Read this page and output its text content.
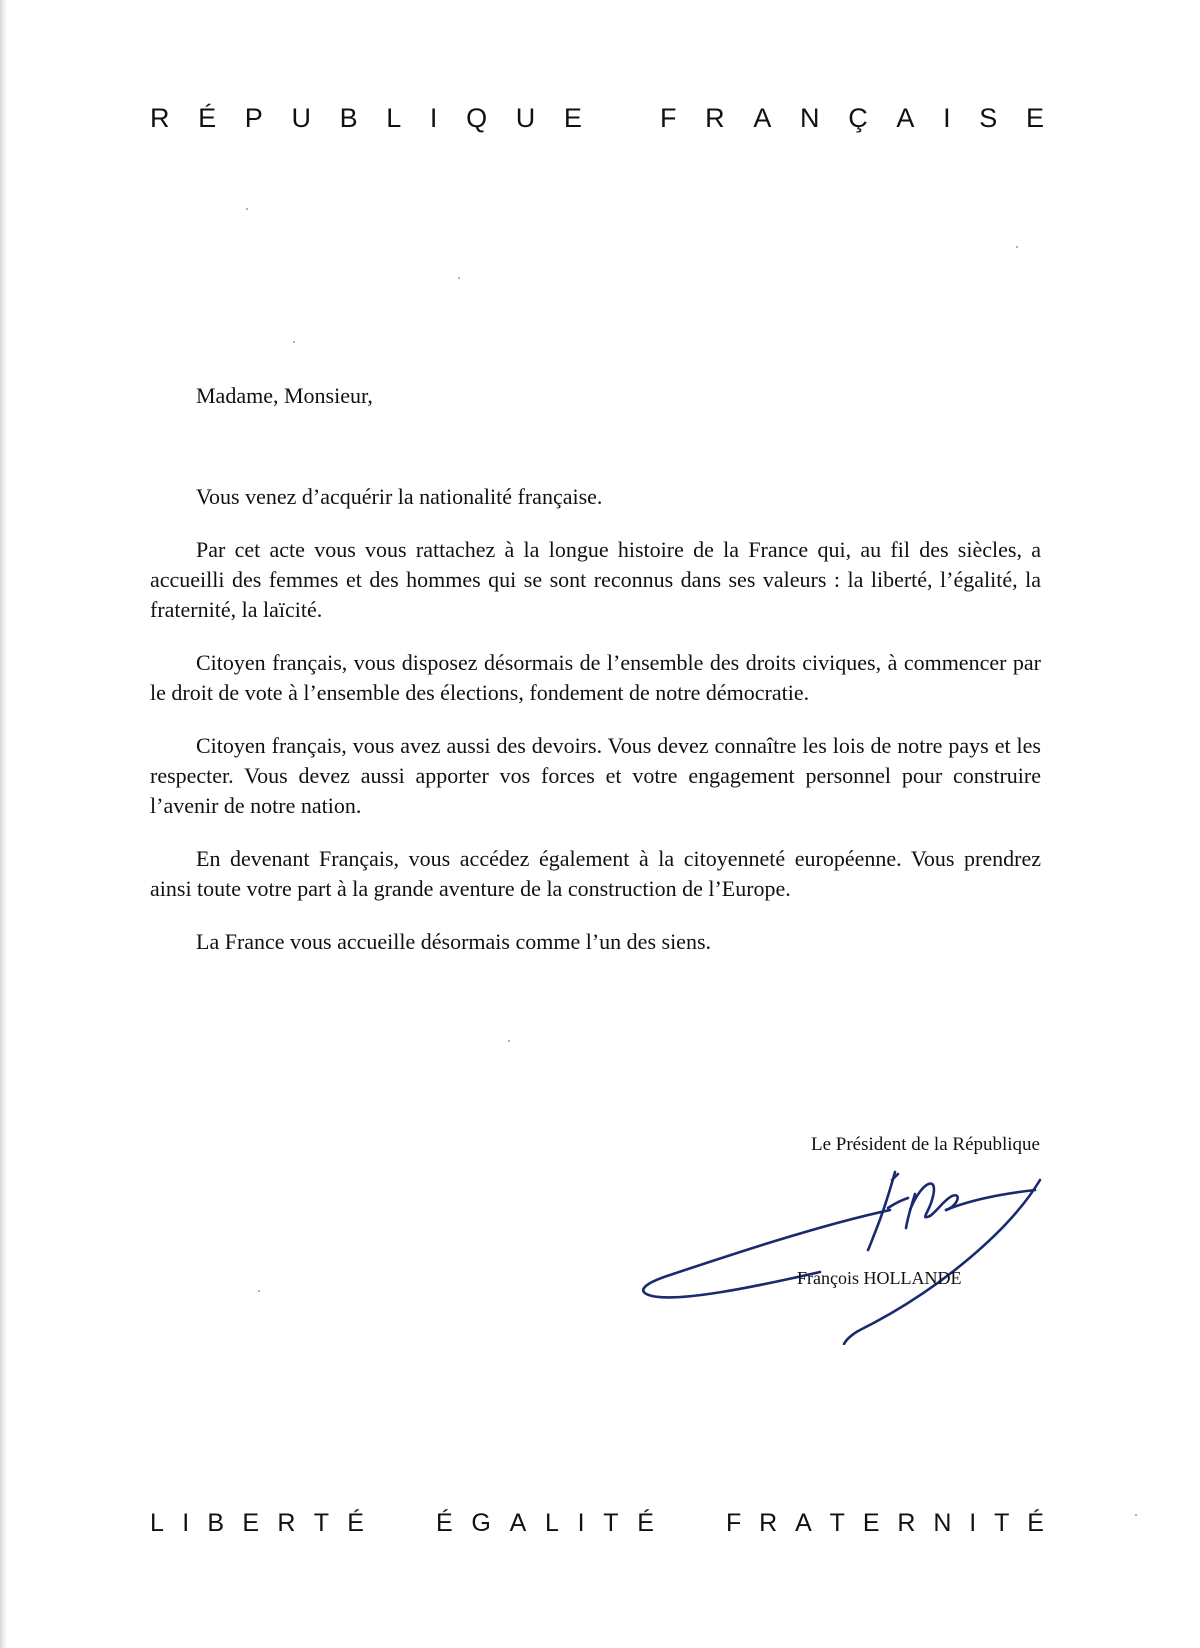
R É P U B L I Q U E	F R A N Ç A I S E
Madame, Monsieur,

Vous venez d’acquérir la nationalité française.

Par cet acte vous vous rattachez à la longue histoire de la France qui, au fil des siècles, a accueilli des femmes et des hommes qui se sont reconnus dans ses valeurs : la liberté, l’égalité, la fraternité, la laïcité.

Citoyen français, vous disposez désormais de l’ensemble des droits civiques, à commencer par le droit de vote à l’ensemble des élections, fondement de notre démocratie.

Citoyen français, vous avez aussi des devoirs. Vous devez connaître les lois de notre pays et les respecter. Vous devez aussi apporter vos forces et votre engagement personnel pour construire l’avenir de notre nation.

En devenant Français, vous accédez également à la citoyenneté européenne. Vous prendrez ainsi toute votre part à la grande aventure de la construction de l’Europe.

La France vous accueille désormais comme l’un des siens.

Le Président de la République
François HOLLANDE
L I B E R T É	É G A L I T É	F R A T E R N I T É
